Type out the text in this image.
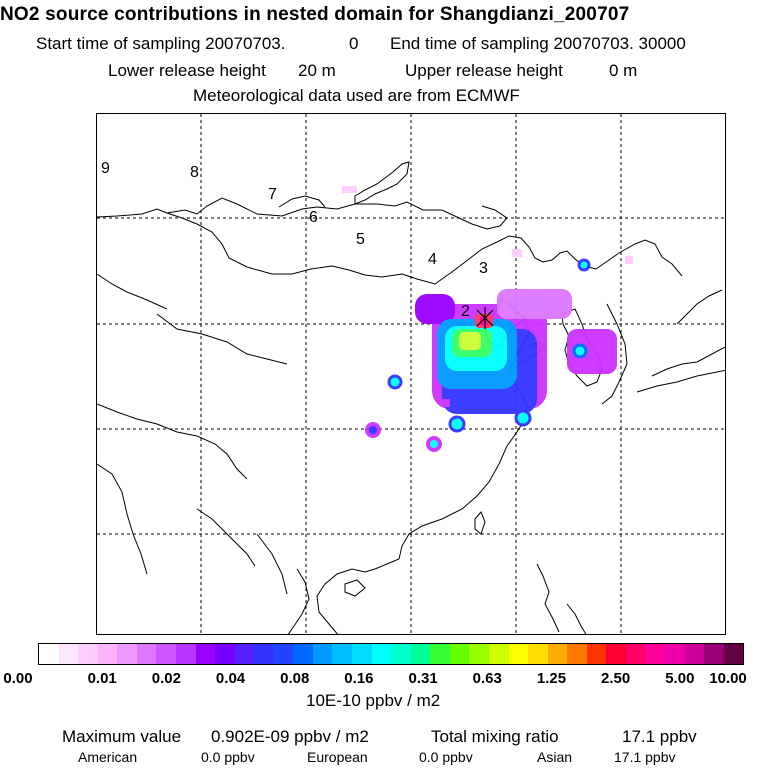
NO2 source contributions in nested domain for Shangdianzi_200707
Start time of sampling 20070703.	0 End time of sampling 20070703. 30000
Lower release height 20 m	Upper release height	0 m
Meteorological data used are from ECMWF
9	8
7
6
5
4
3
2
0.00	0.01 0.02 0.04 0.08 0.16 0.31 0.63 1.25 2.50 5.00 10.00
10E-10 ppbv / m2
Maximum value 0.902E-09 ppbv / m2	Total mixing ratio	17.1 ppbv
American	0.0 ppbv	European	0.0 ppbv	Asian	17.1 ppbv
